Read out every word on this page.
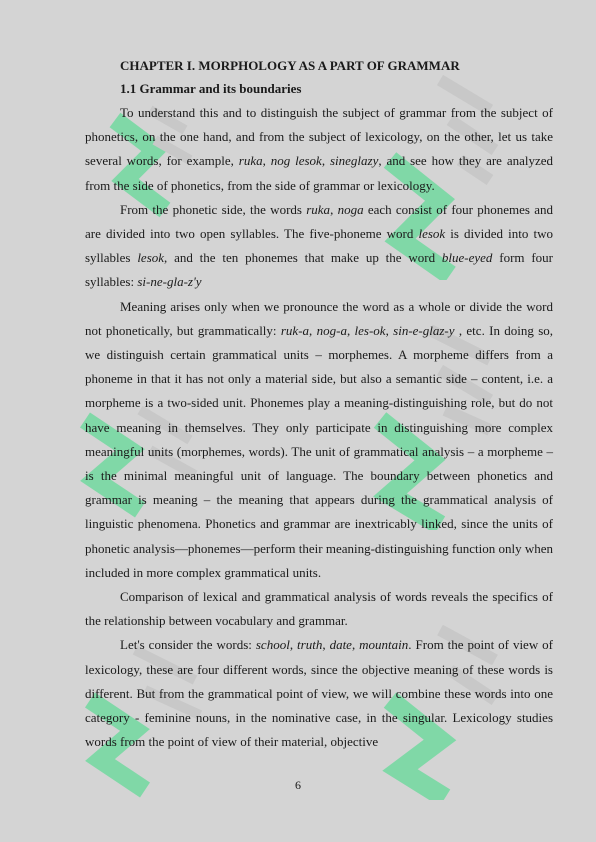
CHAPTER I. MORPHOLOGY AS A PART OF GRAMMAR
1.1 Grammar and its boundaries

To understand this and to distinguish the subject of grammar from the subject of phonetics, on the one hand, and from the subject of lexicology, on the other, let us take several words, for example, ruka, nog lesok, sineglazy, and see how they are analyzed from the side of phonetics, from the side of grammar or lexicology.

From the phonetic side, the words ruka, noga each consist of four phonemes and are divided into two open syllables. The five-phoneme word lesok is divided into two syllables lesok, and the ten phonemes that make up the word blue-eyed form four syllables: si-ne-gla-z'y

Meaning arises only when we pronounce the word as a whole or divide the word not phonetically, but grammatically: ruk-a, nog-a, les-ok, sin-e-glaz-y , etc. In doing so, we distinguish certain grammatical units – morphemes. A morpheme differs from a phoneme in that it has not only a material side, but also a semantic side – content, i.e. a morpheme is a two-sided unit. Phonemes play a meaning-distinguishing role, but do not have meaning in themselves. They only participate in distinguishing more complex meaningful units (morphemes, words). The unit of grammatical analysis – a morpheme – is the minimal meaningful unit of language. The boundary between phonetics and grammar is meaning – the meaning that appears during the grammatical analysis of linguistic phenomena. Phonetics and grammar are inextricably linked, since the units of phonetic analysis—phonemes—perform their meaning-distinguishing function only when included in more complex grammatical units.

Comparison of lexical and grammatical analysis of words reveals the specifics of the relationship between vocabulary and grammar.

Let's consider the words: school, truth, date, mountain. From the point of view of lexicology, these are four different words, since the objective meaning of these words is different. But from the grammatical point of view, we will combine these words into one category - feminine nouns, in the nominative case, in the singular. Lexicology studies words from the point of view of their material, objective

6
